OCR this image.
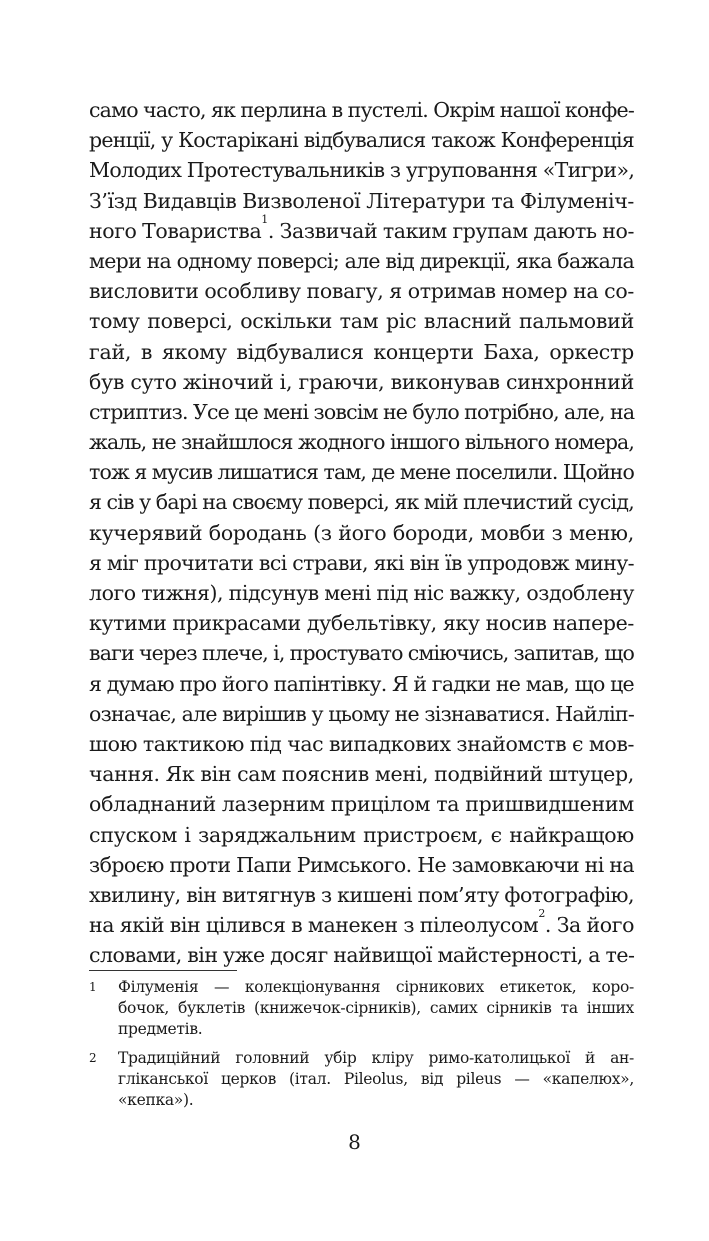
само часто, як перлина в пустелі. Окрім нашої конфе-
ренції, у Костарікані відбувалися також Конференція
Молодих Протестувальників з угруповання «Тигри»,
З’їзд Видавців Визволеної Літератури та Філуменіч-
ного Товариства$^1$. Зазвичай таким групам дають но-
мери на одному поверсі; але від дирекції, яка бажала
висловити особливу повагу, я отримав номер на со-
тому поверсі, оскільки там ріс власний пальмовий
гай, в якому відбувалися концерти Баха, оркестр
був суто жіночий і, граючи, виконував синхронний
стриптиз. Усе це мені зовсім не було потрібно, але, на
жаль, не знайшлося жодного іншого вільного номера,
тож я мусив лишатися там, де мене поселили. Щойно
я сів у барі на своєму поверсі, як мій плечистий сусід,
кучерявий бородань (з його бороди, мовби з меню,
я міг прочитати всі страви, які він їв упродовж мину-
лого тижня), підсунув мені під ніс важку, оздоблену
кутими прикрасами дубельтівку, яку носив напере-
ваги через плече, і, простувато сміючись, запитав, що
я думаю про його папінтівку. Я й гадки не мав, що це
означає, але вирішив у цьому не зізнаватися. Найліп-
шою тактикою під час випадкових знайомств є мов-
чання. Як він сам пояснив мені, подвійний штуцер,
обладнаний лазерним прицілом та пришвидшеним
спуском і заряджальним пристроєм, є найкращою
зброєю проти Папи Римського. Не замовкаючи ні на
хвилину, він витягнув з кишені пом’яту фотографію,
на якій він цілився в манекен з пілеолусом$^2$. За його
словами, він уже досяг найвищої майстерності, а те-
1 Філуменія — колекціонування сірникових етикеток, коро-
бочок, буклетів (книжечок-сірників), самих сірників та інших
предметів.
2 Традиційний головний убір кліру римо-католицької й ан-
гліканської церков (італ. Pileolus, від pileus — «капелюх»,
«кепка»).
8
